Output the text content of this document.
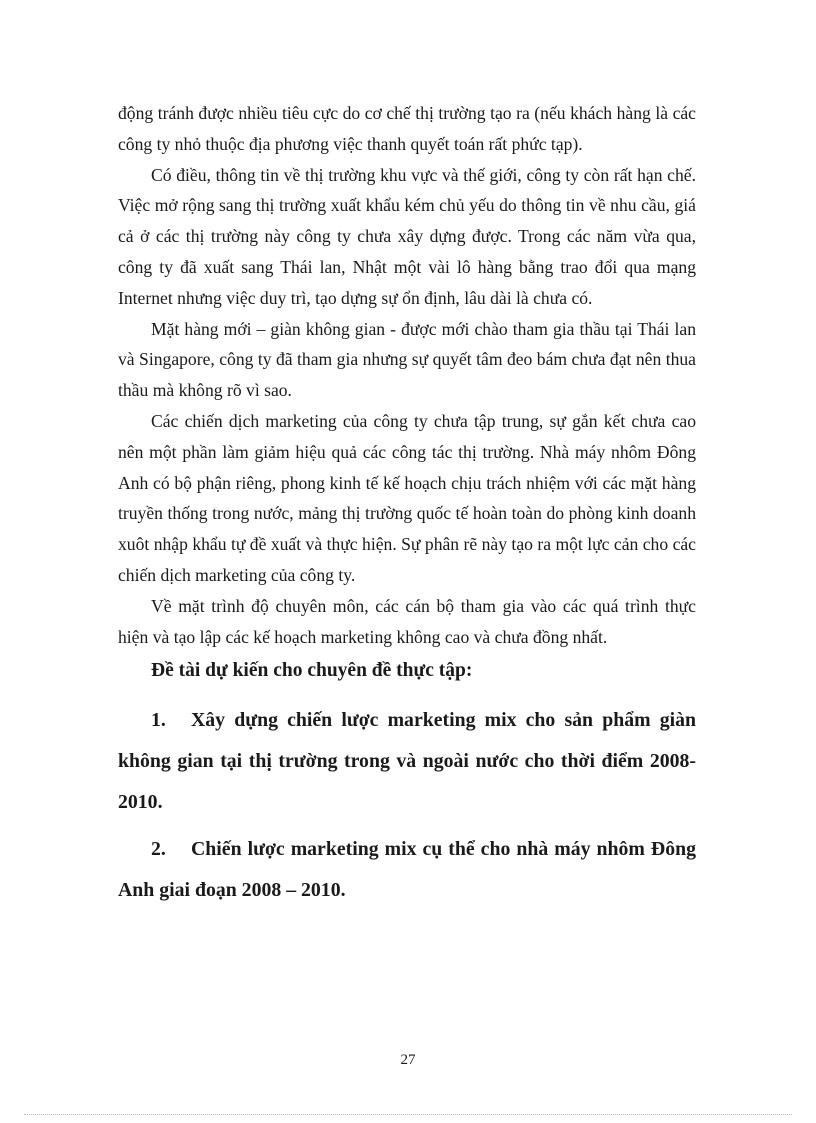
động tránh được nhiều tiêu cực do cơ chế thị trường tạo ra (nếu khách hàng là các công ty nhỏ thuộc địa phương việc thanh quyết toán rất phức tạp).

Có điều, thông tin về thị trường khu vực và thế giới, công ty còn rất hạn chế. Việc mở rộng sang thị trường xuất khẩu kém chủ yếu do thông tin về nhu cầu, giá cả ở các thị trường này công ty chưa xây dựng được. Trong các năm vừa qua, công ty đã xuất sang Thái lan, Nhật một vài lô hàng bằng trao đổi qua mạng Internet nhưng việc duy trì, tạo dựng sự ổn định, lâu dài là chưa có.

Mặt hàng mới – giàn không gian - được mới chào tham gia thầu tại Thái lan và Singapore, công ty đã tham gia nhưng sự quyết tâm đeo bám chưa đạt nên thua thầu mà không rõ vì sao.

Các chiến dịch marketing của công ty chưa tập trung, sự gắn kết chưa cao nên một phần làm giảm hiệu quả các công tác thị trường. Nhà máy nhôm Đông Anh có bộ phận riêng, phong kinh tế kế hoạch chịu trách nhiệm với các mặt hàng truyền thống trong nước, mảng thị trường quốc tế hoàn toàn do phòng kinh doanh xuôt nhập khẩu tự đề xuất và thực hiện. Sự phân rẽ này tạo ra một lực cản cho các chiến dịch marketing của công ty.

Về mặt trình độ chuyên môn, các cán bộ tham gia vào các quá trình thực hiện và tạo lập các kế hoạch marketing không cao và chưa đồng nhất.

Đề tài dự kiến cho chuyên đề thực tập:

1. Xây dựng chiến lược marketing mix cho sản phẩm giàn không gian tại thị trường trong và ngoài nước cho thời điểm 2008-2010.

2. Chiến lược marketing mix cụ thể cho nhà máy nhôm Đông Anh giai đoạn 2008 – 2010.

27
